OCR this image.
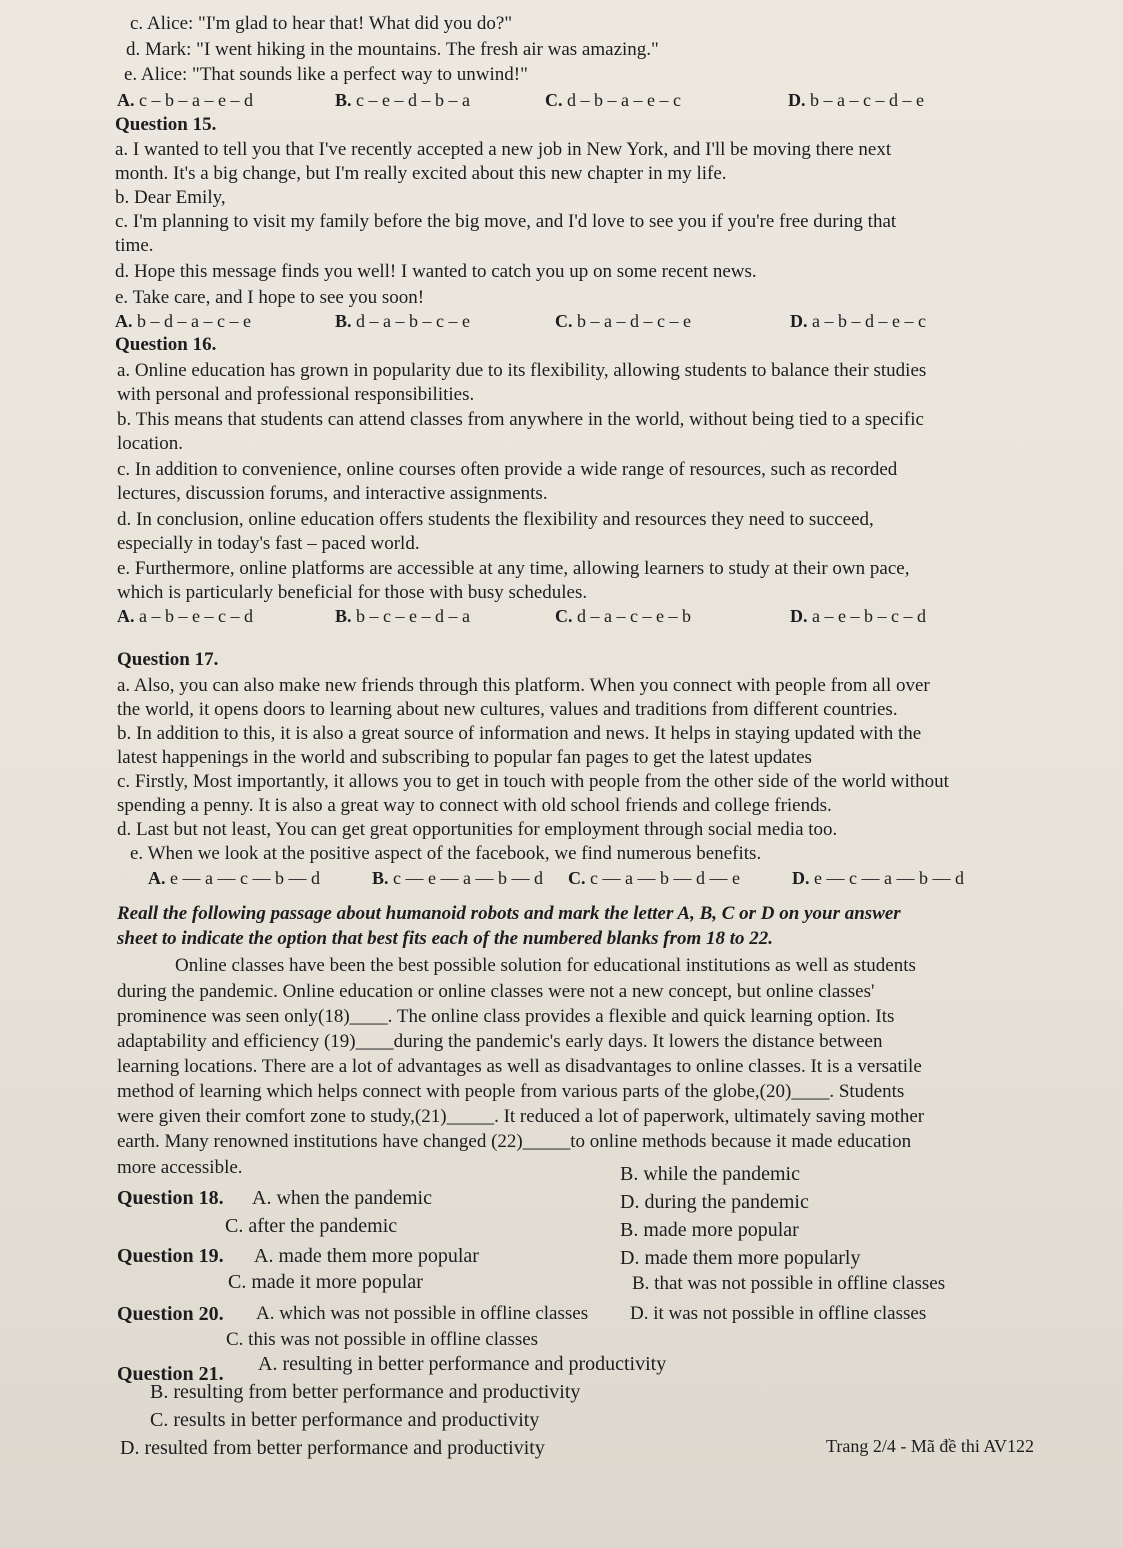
c. Alice: "I'm glad to hear that! What did you do?"
d. Mark: "I went hiking in the mountains. The fresh air was amazing."
e. Alice: "That sounds like a perfect way to unwind!"
A. c – b – a – e – d	B. c – e – d – b – a	C. d – b – a – e – c	D. b – a – c – d – e
Question 15.
a. I wanted to tell you that I've recently accepted a new job in New York, and I'll be moving there next
month. It's a big change, but I'm really excited about this new chapter in my life.
b. Dear Emily,
c. I'm planning to visit my family before the big move, and I'd love to see you if you're free during that
time.
d. Hope this message finds you well! I wanted to catch you up on some recent news.
e. Take care, and I hope to see you soon!
A. b – d – a – c – e	B. d – a – b – c – e	C. b – a – d – c – e	D. a – b – d – e – c
Question 16.
a. Online education has grown in popularity due to its flexibility, allowing students to balance their studies
with personal and professional responsibilities.
b. This means that students can attend classes from anywhere in the world, without being tied to a specific
location.
c. In addition to convenience, online courses often provide a wide range of resources, such as recorded
lectures, discussion forums, and interactive assignments.
d. In conclusion, online education offers students the flexibility and resources they need to succeed,
especially in today's fast – paced world.
e. Furthermore, online platforms are accessible at any time, allowing learners to study at their own pace,
which is particularly beneficial for those with busy schedules.
A. a – b – e – c – d	B. b – c – e – d – a	C. d – a – c – e – b	D. a – e – b – c – d
Question 17.
a. Also, you can also make new friends through this platform. When you connect with people from all over
the world, it opens doors to learning about new cultures, values and traditions from different countries.
b. In addition to this, it is also a great source of information and news. It helps in staying updated with the
latest happenings in the world and subscribing to popular fan pages to get the latest updates
c. Firstly, Most importantly, it allows you to get in touch with people from the other side of the world without
spending a penny. It is also a great way to connect with old school friends and college friends.
d. Last but not least, You can get great opportunities for employment through social media too.
e. When we look at the positive aspect of the facebook, we find numerous benefits.
A. e — a — c — b — d	B. c — e — a — b — d C. c — a — b — d — e	D. e — c — a — b — d
Reall the following passage about humanoid robots and mark the letter A, B, C or D on your answer
sheet to indicate the option that best fits each of the numbered blanks from 18 to 22.
Online classes have been the best possible solution for educational institutions as well as students
during the pandemic. Online education or online classes were not a new concept, but online classes'
prominence was seen only(18)____. The online class provides a flexible and quick learning option. Its
adaptability and efficiency (19)____during the pandemic's early days. It lowers the distance between
learning locations. There are a lot of advantages as well as disadvantages to online classes. It is a versatile
method of learning which helps connect with people from various parts of the globe,(20)____. Students
were given their comfort zone to study,(21)_____. It reduced a lot of paperwork, ultimately saving mother
earth. Many renowned institutions have changed (22)_____to online methods because it made education
more accessible.
Question 18. A. when the pandemic
B. while the pandemic
C. after the pandemic
D. during the pandemic
Question 19. A. made them more popular
B. made more popular
C. made it more popular
D. made them more popularly
Question 20. A. which was not possible in offline classes
B. that was not possible in offline classes
C. this was not possible in offline classes
D. it was not possible in offline classes
Question 21. A. resulting in better performance and productivity
B. resulting from better performance and productivity
C. results in better performance and productivity
D. resulted from better performance and productivity	Trang 2/4 - Mã đề thi AV122
